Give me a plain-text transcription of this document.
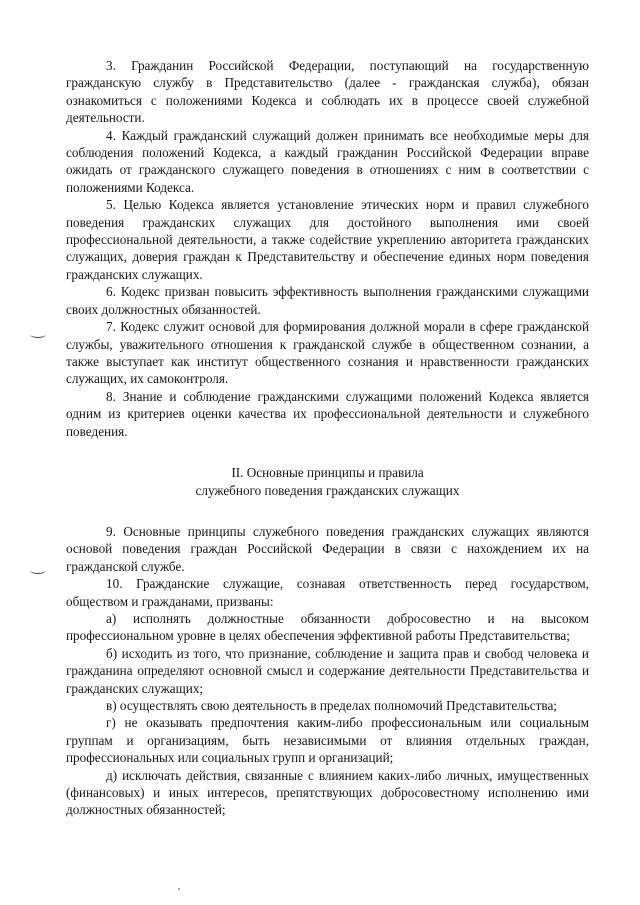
3. Гражданин Российской Федерации, поступающий на государственную гражданскую службу в Представительство (далее - гражданская служба), обязан ознакомиться с положениями Кодекса и соблюдать их в процессе своей служебной деятельности.

4. Каждый гражданский служащий должен принимать все необходимые меры для соблюдения положений Кодекса, а каждый гражданин Российской Федерации вправе ожидать от гражданского служащего поведения в отношениях с ним в соответствии с положениями Кодекса.

5. Целью Кодекса является установление этических норм и правил служебного поведения гражданских служащих для достойного выполнения ими своей профессиональной деятельности, а также содействие укреплению авторитета гражданских служащих, доверия граждан к Представительству и обеспечение единых норм поведения гражданских служащих.

6. Кодекс призван повысить эффективность выполнения гражданскими служащими своих должностных обязанностей.

7. Кодекс служит основой для формирования должной морали в сфере гражданской службы, уважительного отношения к гражданской службе в общественном сознании, а также выступает как институт общественного сознания и нравственности гражданских служащих, их самоконтроля.

8. Знание и соблюдение гражданскими служащими положений Кодекса является одним из критериев оценки качества их профессиональной деятельности и служебного поведения.

II. Основные принципы и правила
служебного поведения гражданских служащих

9. Основные принципы служебного поведения гражданских служащих являются основой поведения граждан Российской Федерации в связи с нахождением их на гражданской службе.

10. Гражданские служащие, сознавая ответственность перед государством, обществом и гражданами, призваны:

а) исполнять должностные обязанности добросовестно и на высоком профессиональном уровне в целях обеспечения эффективной работы Представительства;

б) исходить из того, что признание, соблюдение и защита прав и свобод человека и гражданина определяют основной смысл и содержание деятельности Представительства и гражданских служащих;

в) осуществлять свою деятельность в пределах полномочий Представительства;

г) не оказывать предпочтения каким-либо профессиональным или социальным группам и организациям, быть независимыми от влияния отдельных граждан, профессиональных или социальных групп и организаций;

д) исключать действия, связанные с влиянием каких-либо личных, имущественных (финансовых) и иных интересов, препятствующих добросовестному исполнению ими должностных обязанностей;
